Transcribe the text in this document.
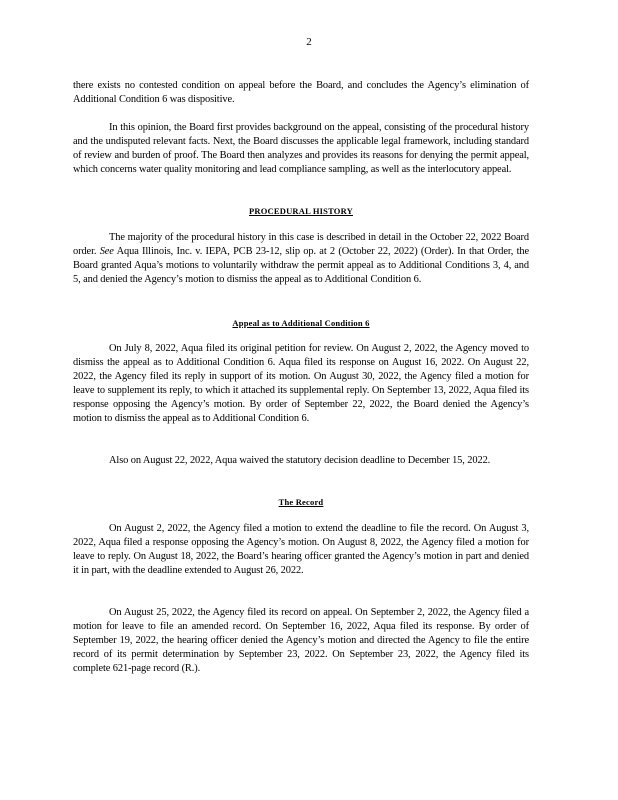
2

there exists no contested condition on appeal before the Board, and concludes the Agency’s elimination of Additional Condition 6 was dispositive.

In this opinion, the Board first provides background on the appeal, consisting of the procedural history and the undisputed relevant facts. Next, the Board discusses the applicable legal framework, including standard of review and burden of proof. The Board then analyzes and provides its reasons for denying the permit appeal, which concerns water quality monitoring and lead compliance sampling, as well as the interlocutory appeal.

PROCEDURAL HISTORY

The majority of the procedural history in this case is described in detail in the October 22, 2022 Board order. See Aqua Illinois, Inc. v. IEPA, PCB 23-12, slip op. at 2 (October 22, 2022) (Order). In that Order, the Board granted Aqua’s motions to voluntarily withdraw the permit appeal as to Additional Conditions 3, 4, and 5, and denied the Agency’s motion to dismiss the appeal as to Additional Condition 6.

Appeal as to Additional Condition 6

On July 8, 2022, Aqua filed its original petition for review. On August 2, 2022, the Agency moved to dismiss the appeal as to Additional Condition 6. Aqua filed its response on August 16, 2022. On August 22, 2022, the Agency filed its reply in support of its motion. On August 30, 2022, the Agency filed a motion for leave to supplement its reply, to which it attached its supplemental reply. On September 13, 2022, Aqua filed its response opposing the Agency’s motion. By order of September 22, 2022, the Board denied the Agency’s motion to dismiss the appeal as to Additional Condition 6.

Also on August 22, 2022, Aqua waived the statutory decision deadline to December 15, 2022.

The Record

On August 2, 2022, the Agency filed a motion to extend the deadline to file the record. On August 3, 2022, Aqua filed a response opposing the Agency’s motion. On August 8, 2022, the Agency filed a motion for leave to reply. On August 18, 2022, the Board’s hearing officer granted the Agency’s motion in part and denied it in part, with the deadline extended to August 26, 2022.

On August 25, 2022, the Agency filed its record on appeal. On September 2, 2022, the Agency filed a motion for leave to file an amended record. On September 16, 2022, Aqua filed its response. By order of September 19, 2022, the hearing officer denied the Agency’s motion and directed the Agency to file the entire record of its permit determination by September 23, 2022. On September 23, 2022, the Agency filed its complete 621-page record (R.).
